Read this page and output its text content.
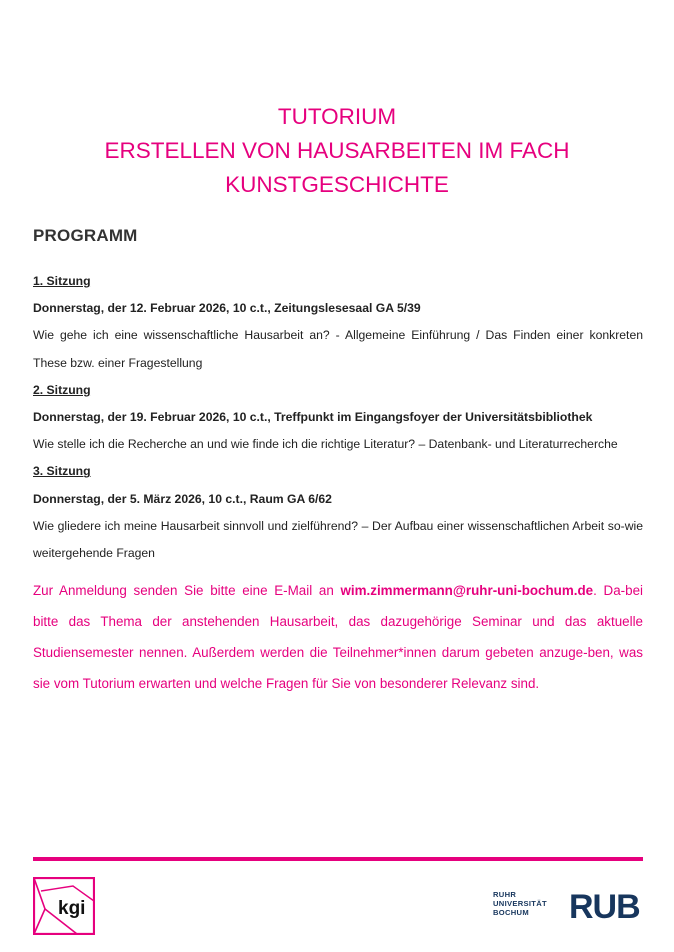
TUTORIUM
ERSTELLEN VON HAUSARBEITEN IM FACH
KUNSTGESCHICHTE
PROGRAMM
1. Sitzung
Donnerstag, der 12. Februar 2026, 10 c.t., Zeitungslesesaal GA 5/39
Wie gehe ich eine wissenschaftliche Hausarbeit an? - Allgemeine Einführung / Das Finden einer konkreten These bzw. einer Fragestellung
2. Sitzung
Donnerstag, der 19. Februar 2026, 10 c.t., Treffpunkt im Eingangsfoyer der Universitätsbibliothek
Wie stelle ich die Recherche an und wie finde ich die richtige Literatur? – Datenbank- und Literaturrecherche
3. Sitzung
Donnerstag, der 5. März 2026, 10 c.t., Raum GA 6/62
Wie gliedere ich meine Hausarbeit sinnvoll und zielführend? – Der Aufbau einer wissenschaftlichen Arbeit so-wie weitergehende Fragen
Zur Anmeldung senden Sie bitte eine E-Mail an wim.zimmermann@ruhr-uni-bochum.de. Da-bei bitte das Thema der anstehenden Hausarbeit, das dazugehörige Seminar und das aktuelle Studiensemester nennen. Außerdem werden die Teilnehmer*innen darum gebeten anzuge-ben, was sie vom Tutorium erwarten und welche Fragen für Sie von besonderer Relevanz sind.
kgi
RUHR
UNIVERSITÄT
BOCHUM	RUB
